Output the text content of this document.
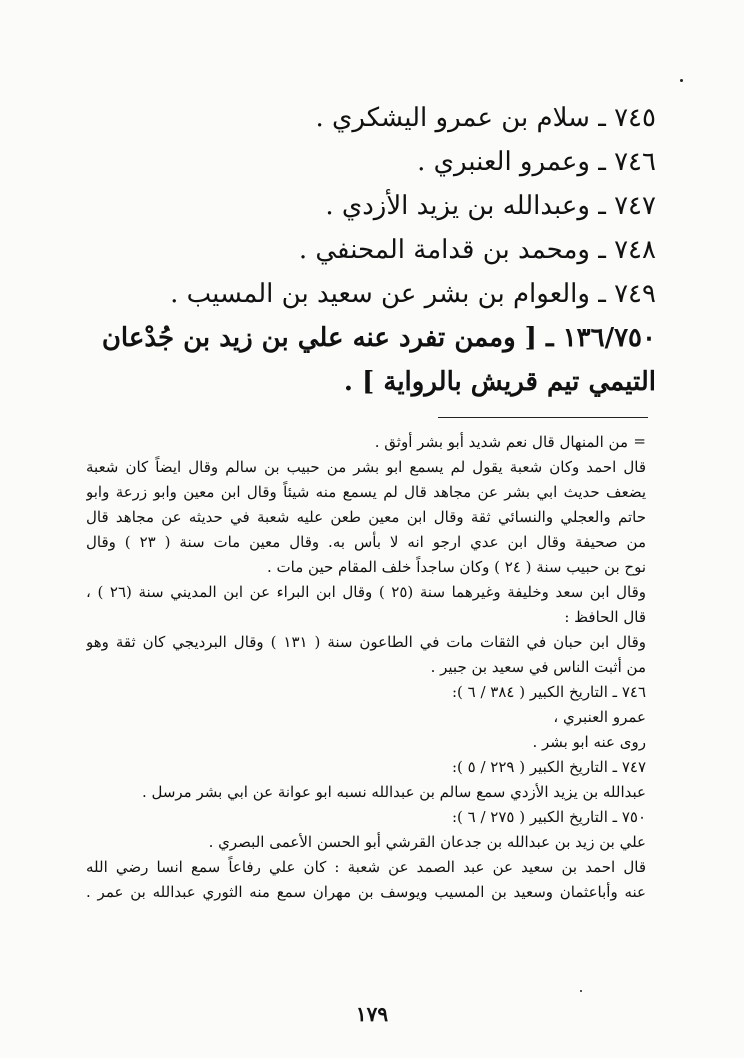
٧٤٥ ـ سلام بن عمرو اليشكري .

٧٤٦ ـ وعمرو العنبري .

٧٤٧ ـ وعبدالله بن يزيد الأزدي .

٧٤٨ ـ ومحمد بن قدامة المحنفي .

٧٤٩ ـ والعوام بن بشر عن سعيد بن المسيب .

١٣٦/٧٥٠ ـ [ وممن تفرد عنه علي بن زيد بن جُدْعان التيمي تيم قريش بالرواية ] .

=

من المنهال قال نعم شديد أبو بشر أوثق .

قال احمد وكان شعبة يقول لم يسمع ابو بشر من حبيب بن سالم وقال ايضاً كان شعبة

يضعف حديث ابي بشر عن مجاهد قال لم يسمع منه شيئاً وقال ابن معين وابو زرعة وابو

حاتم والعجلي والنسائي ثقة وقال ابن معين طعن عليه شعبة في حديثه عن مجاهد قال

من صحيفة وقال ابن عدي ارجو انه لا بأس به. وقال معين مات سنة ( ٢٣ ) وقال

نوح بن حبيب سنة ( ٢٤ ) وكان ساجداً خلف المقام حين مات .

وقال ابن سعد وخليفة وغيرهما سنة (٢٥ ) وقال ابن البراء عن ابن المديني سنة (٢٦ ) ،

قال الحافظ :

وقال ابن حبان في الثقات مات في الطاعون سنة ( ١٣١ ) وقال البرديجي كان ثقة وهو

من أثبت الناس في سعيد بن جبير .

٧٤٦ ـ التاريخ الكبير ( ٣٨٤ / ٦ ):

عمرو العنبري ،

روى عنه ابو بشر .

٧٤٧ ـ التاريخ الكبير ( ٢٢٩ / ٥ ):

عبدالله بن يزيد الأزدي سمع سالم بن عبدالله نسبه ابو عوانة عن ابي بشر مرسل .

٧٥٠ ـ التاريخ الكبير ( ٢٧٥ / ٦ ):

علي بن زيد بن عبدالله بن جدعان القرشي أبو الحسن الأعمى البصري .

قال احمد بن سعيد عن عبد الصمد عن شعبة : كان علي رفاعاً سمع انسا رضي الله

عنه وأباعثمان وسعيد بن المسيب ويوسف بن مهران سمع منه الثوري عبدالله بن عمر .

١٧٩
